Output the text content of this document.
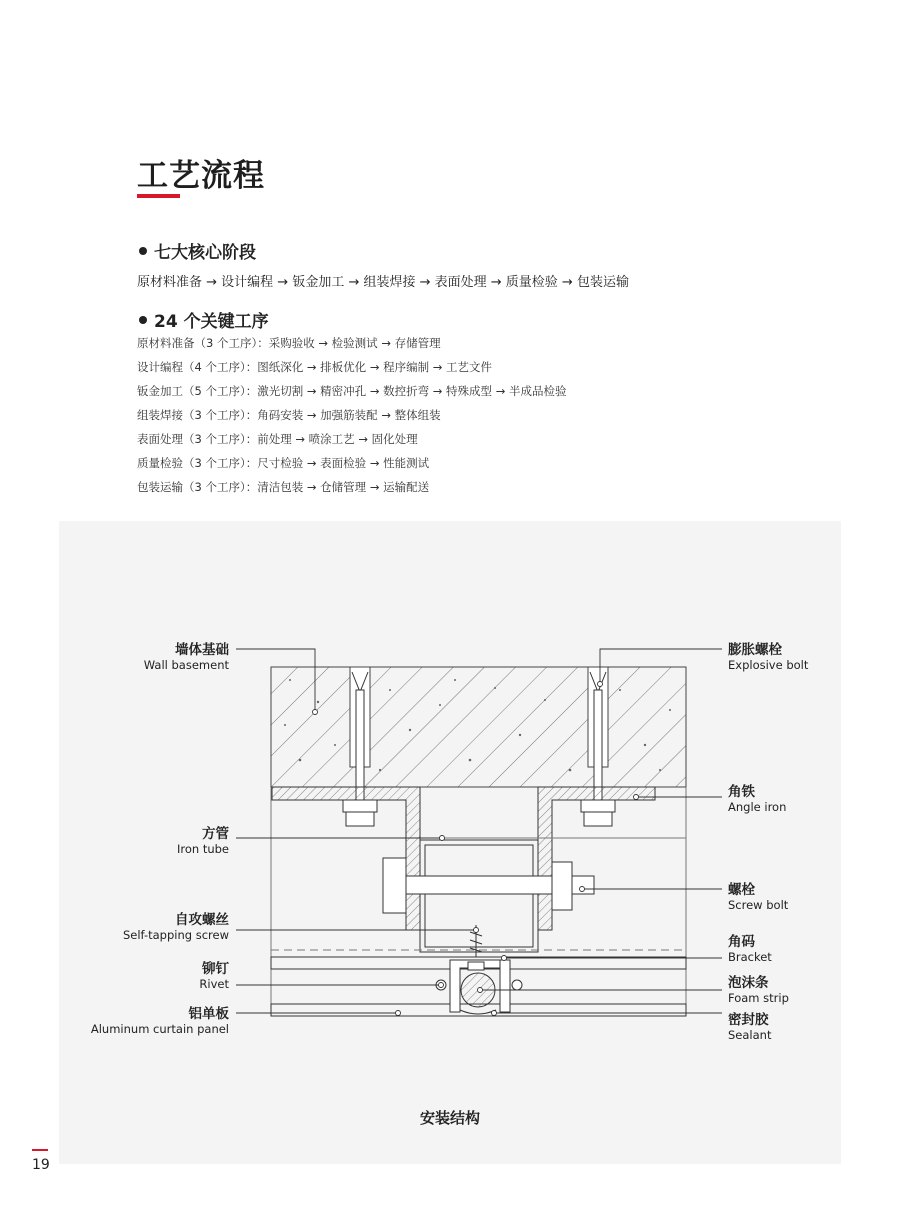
工艺流程
七大核心阶段
原材料准备 → 设计编程 → 钣金加工 → 组装焊接 → 表面处理 → 质量检验 → 包装运输
24 个关键工序
原材料准备（3 个工序）：采购验收 → 检验测试 → 存储管理
设计编程（4 个工序）：图纸深化 → 排板优化 → 程序编制 → 工艺文件
钣金加工（5 个工序）：激光切割 → 精密冲孔 → 数控折弯 → 特殊成型 → 半成品检验
组装焊接（3 个工序）：角码安装 → 加强筋装配 → 整体组装
表面处理（3 个工序）：前处理 → 喷涂工艺 → 固化处理
质量检验（3 个工序）：尺寸检验 → 表面检验 → 性能测试
包装运输（3 个工序）：清洁包装 → 仓储管理 → 运输配送
墙体基础
Wall basement
方管
Iron tube
自攻螺丝
Self-tapping screw
铆钉
Rivet
铝单板
Aluminum curtain panel
膨胀螺栓
Explosive bolt
角铁
Angle iron
螺栓
Screw bolt
角码
Bracket
泡沫条
Foam strip
密封胶
Sealant
安装结构
19
